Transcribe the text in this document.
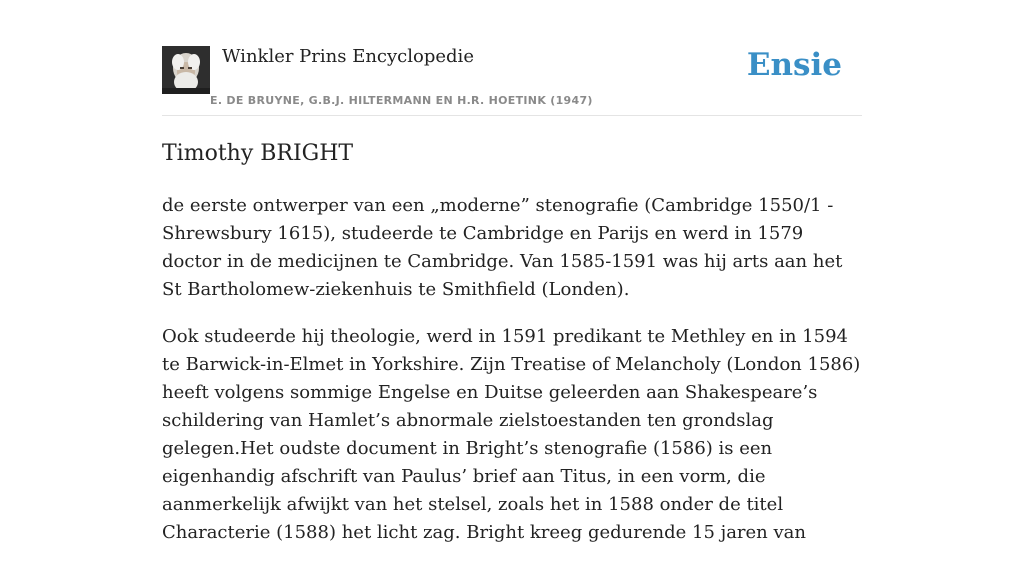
Winkler Prins Encyclopedie
E. DE BRUYNE, G.B.J. HILTERMANN EN H.R. HOETINK (1947)
Ensie
Timothy BRIGHT

de eerste ontwerper van een „moderne” stenografie (Cambridge 1550/1 - Shrewsbury 1615), studeerde te Cambridge en Parijs en werd in 1579 doctor in de medicijnen te Cambridge. Van 1585-1591 was hij arts aan het St Bartholomew-ziekenhuis te Smithfield (Londen).

Ook studeerde hij theologie, werd in 1591 predikant te Methley en in 1594 te Barwick-in-Elmet in Yorkshire. Zijn Treatise of Melancholy (London 1586) heeft volgens sommige Engelse en Duitse geleerden aan Shakespeare’s schildering van Hamlet’s abnormale zielstoestanden ten grondslag gelegen.Het oudste document in Bright’s stenografie (1586) is een eigenhandig afschrift van Paulus’ brief aan Titus, in een vorm, die aanmerkelijk afwijkt van het stelsel, zoals het in 1588 onder de titel Characterie (1588) het licht zag. Bright kreeg gedurende 15 jaren van
